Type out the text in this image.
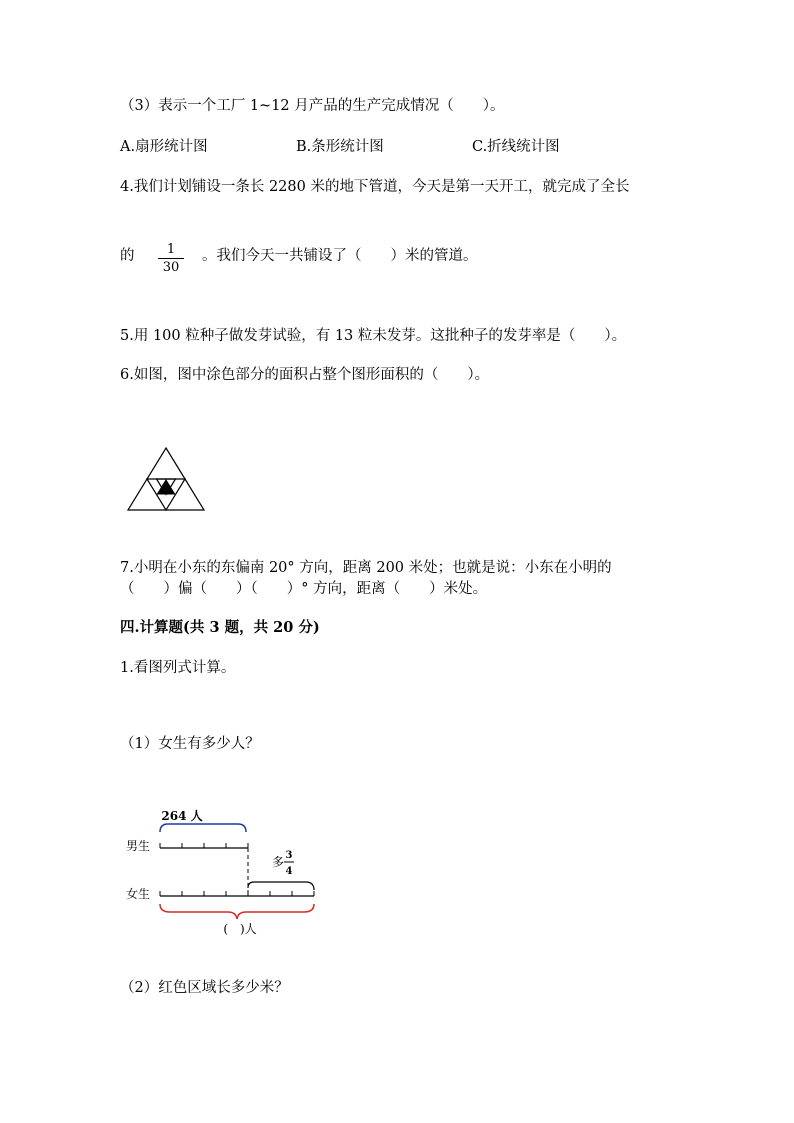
（3）表示一个工厂 1~12 月产品的生产完成情况（　　）。
A.扇形统计图	B.条形统计图	C.折线统计图
4.我们计划铺设一条长 2280 米的地下管道，今天是第一天开工，就完成了全长
的	1
30
。我们今天一共铺设了（　　）米的管道。
5.用 100 粒种子做发芽试验，有 13 粒未发芽。这批种子的发芽率是（　　）。
6.如图，图中涂色部分的面积占整个图形面积的（　　）。
7.小明在小东的东偏南 20° 方向，距离 200 米处；也就是说：小东在小明的
（　　）偏（　　）（　　）° 方向，距离（　　）米处。
四.计算题(共 3 题，共 20 分)
1.看图列式计算。
（1）女生有多少人？
264 人
男生
多 3
4
女生
(　)人
（2）红色区域长多少米？
